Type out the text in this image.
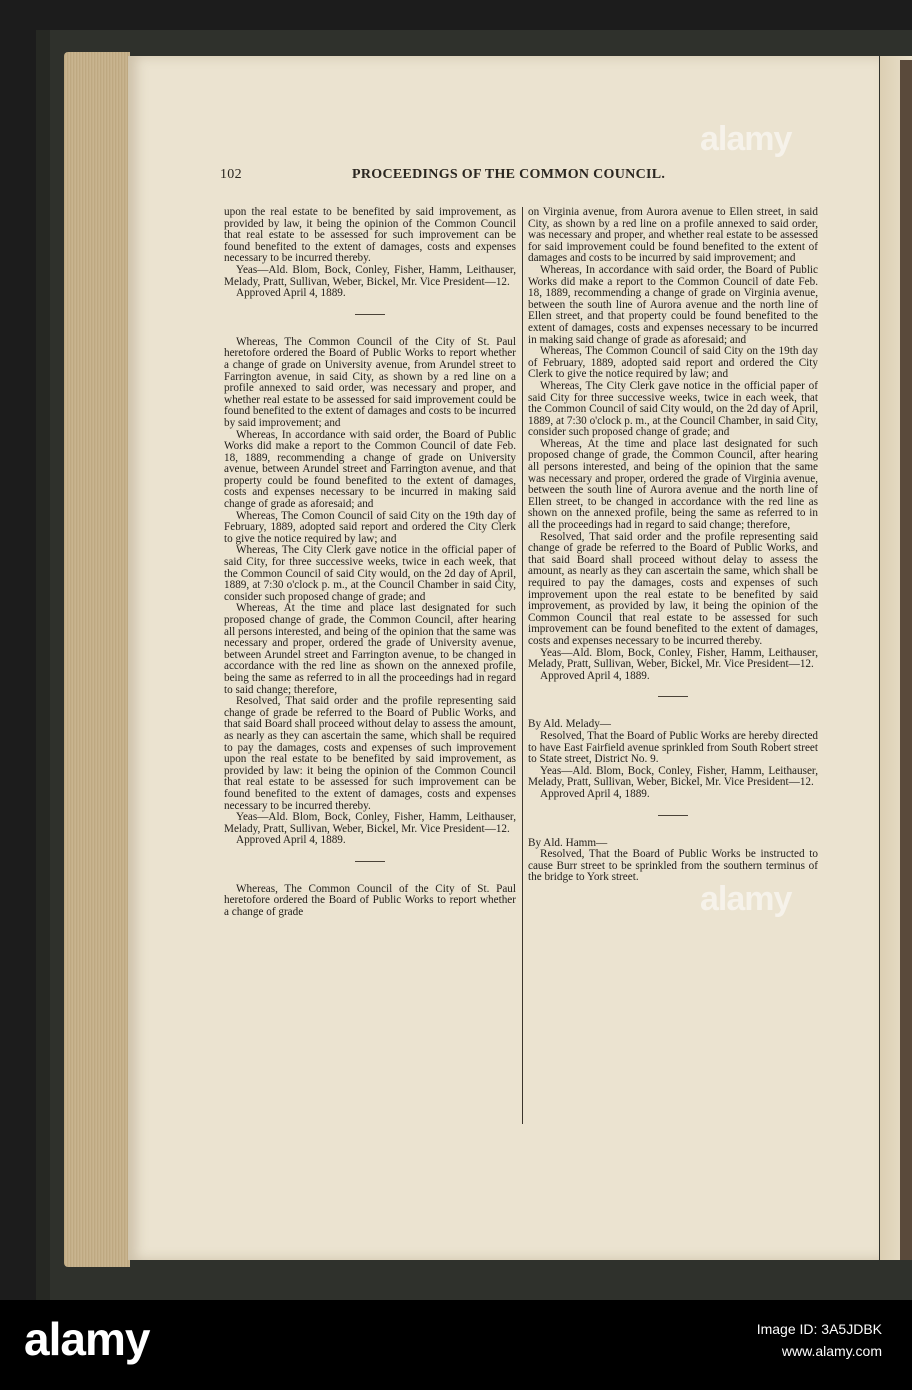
102	PROCEEDINGS OF THE COMMON COUNCIL.

upon the real estate to be benefited by said improvement, as provided by law, it being the opinion of the Common Council that real estate to be assessed for such improvement can be found benefited to the extent of damages, costs and expenses necessary to be incurred thereby.

Yeas—Ald. Blom, Bock, Conley, Fisher, Hamm, Leithauser, Melady, Pratt, Sullivan, Weber, Bickel, Mr. Vice President—12.

Approved April 4, 1889.

Whereas, The Common Council of the City of St. Paul heretofore ordered the Board of Public Works to report whether a change of grade on University avenue, from Arundel street to Farrington avenue, in said City, as shown by a red line on a profile annexed to said order, was necessary and proper, and whether real estate to be assessed for said improvement could be found benefited to the extent of damages and costs to be incurred by said improvement; and

Whereas, In accordance with said order, the Board of Public Works did make a report to the Common Council of date Feb. 18, 1889, recommending a change of grade on University avenue, between Arundel street and Farrington avenue, and that property could be found benefited to the extent of damages, costs and expenses necessary to be incurred in making said change of grade as aforesaid; and

Whereas, The Comon Council of said City on the 19th day of February, 1889, adopted said report and ordered the City Clerk to give the notice required by law; and

Whereas, The City Clerk gave notice in the official paper of said City, for three successive weeks, twice in each week, that the Common Council of said City would, on the 2d day of April, 1889, at 7:30 o'clock p. m., at the Council Chamber in said City, consider such proposed change of grade; and

Whereas, At the time and place last designated for such proposed change of grade, the Common Council, after hearing all persons interested, and being of the opinion that the same was necessary and proper, ordered the grade of University avenue, between Arundel street and Farrington avenue, to be changed in accordance with the red line as shown on the annexed profile, being the same as referred to in all the proceedings had in regard to said change; therefore,

Resolved, That said order and the profile representing said change of grade be referred to the Board of Public Works, and that said Board shall proceed without delay to assess the amount, as nearly as they can ascertain the same, which shall be required to pay the damages, costs and expenses of such improvement upon the real estate to be benefited by said improvement, as provided by law: it being the opinion of the Common Council that real estate to be assessed for such improvement can be found benefited to the extent of damages, costs and expenses necessary to be incurred thereby.

Yeas—Ald. Blom, Bock, Conley, Fisher, Hamm, Leithauser, Melady, Pratt, Sullivan, Weber, Bickel, Mr. Vice President—12.

Approved April 4, 1889.

Whereas, The Common Council of the City of St. Paul heretofore ordered the Board of Public Works to report whether a change of grade

on Virginia avenue, from Aurora avenue to Ellen street, in said City, as shown by a red line on a profile annexed to said order, was necessary and proper, and whether real estate to be assessed for said improvement could be found benefited to the extent of damages and costs to be incurred by said improvement; and

Whereas, In accordance with said order, the Board of Public Works did make a report to the Common Council of date Feb. 18, 1889, recommending a change of grade on Virginia avenue, between the south line of Aurora avenue and the north line of Ellen street, and that property could be found benefited to the extent of damages, costs and expenses necessary to be incurred in making said change of grade as aforesaid; and

Whereas, The Common Council of said City on the 19th day of February, 1889, adopted said report and ordered the City Clerk to give the notice required by law; and

Whereas, The City Clerk gave notice in the official paper of said City for three successive weeks, twice in each week, that the Common Council of said City would, on the 2d day of April, 1889, at 7:30 o'clock p. m., at the Council Chamber, in said City, consider such proposed change of grade; and

Whereas, At the time and place last designated for such proposed change of grade, the Common Council, after hearing all persons interested, and being of the opinion that the same was necessary and proper, ordered the grade of Virginia avenue, between the south line of Aurora avenue and the north line of Ellen street, to be changed in accordance with the red line as shown on the annexed profile, being the same as referred to in all the proceedings had in regard to said change; therefore,

Resolved, That said order and the profile representing said change of grade be referred to the Board of Public Works, and that said Board shall proceed without delay to assess the amount, as nearly as they can ascertain the same, which shall be required to pay the damages, costs and expenses of such improvement upon the real estate to be benefited by said improvement, as provided by law, it being the opinion of the Common Council that real estate to be assessed for such improvement can be found benefited to the extent of damages, costs and expenses necessary to be incurred thereby.

Yeas—Ald. Blom, Bock, Conley, Fisher, Hamm, Leithauser, Melady, Pratt, Sullivan, Weber, Bickel, Mr. Vice President—12.

Approved April 4, 1889.

By Ald. Melady—

Resolved, That the Board of Public Works are hereby directed to have East Fairfield avenue sprinkled from South Robert street to State street, District No. 9.

Yeas—Ald. Blom, Bock, Conley, Fisher, Hamm, Leithauser, Melady, Pratt, Sullivan, Weber, Bickel, Mr. Vice President—12.

Approved April 4, 1889.

By Ald. Hamm—

Resolved, That the Board of Public Works be instructed to cause Burr street to be sprinkled from the southern terminus of the bridge to York street.

alamy
alamy
alamy	Image ID: 3A5JDBK
www.alamy.com
